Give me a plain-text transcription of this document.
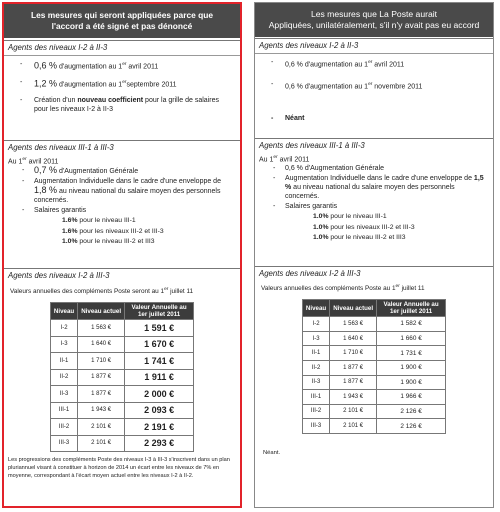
Les mesures qui seront appliquées parce que
l'accord a été signé et pas dénoncé
Agents des niveaux I-2 à II-3
- 0,6 % d'augmentation au 1er avril 2011
- 1,2 % d'augmentation au 1erseptembre 2011
- Création d'un nouveau coefficient pour la grille de salaires pour les niveaux I-2 à II-3
Agents des niveaux III-1 à III-3
Au 1er avril 2011
- 0,7 % d'Augmentation Générale
- Augmentation Individuelle dans le cadre d'une enveloppe de 1,8 % au niveau national du salaire moyen des personnels concernés.
- Salaires garantis
1.6% pour le niveau III-1
1.6% pour les niveaux III-2 et III-3
1.0% pour le niveau III-2 et III3
Agents des niveaux I-2 à III-3
Valeurs annuelles des compléments Poste seront au 1er juillet 11
Niveau	Niveau actuel	Valeur Annuelle au 1er juillet 2011
I-2	1 563 €	1 591 €
I-3	1 640 €	1 670 €
II-1	1 710 €	1 741 €
II-2	1 877 €	1 911 €
II-3	1 877 €	2 000 €
III-1	1 943 €	2 093 €
III-2	2 101 €	2 191 €
III-3	2 101 €	2 293 €
Les progressions des compléments Poste des niveaux I-3 à III-3 s'inscrivent dans un plan pluriannuel visant à constituer à horizon de 2014 un écart entre les niveaux de 7% en moyenne, correspondant à l'écart moyen actuel entre les niveaux I-2 à II-2.
Les mesures que La Poste aurait
Appliquées, unilatéralement, s'il n'y avait pas eu accord
Agents des niveaux I-2 à II-3
- 0,6 % d'augmentation au 1er avril 2011
- 0,6 % d'augmentation au 1er novembre 2011
- Néant
Agents des niveaux III-1 à III-3
Au 1er avril 2011
- 0,6 % d'Augmentation Générale
- Augmentation Individuelle dans le cadre d'une enveloppe de 1,5 % au niveau national du salaire moyen des personnels concernés.
- Salaires garantis
1.0% pour le niveau III-1
1.0% pour les niveaux III-2 et III-3
1.0% pour le niveau III-2 et III3
Agents des niveaux I-2 à III-3
Valeurs annuelles des compléments Poste au 1er juillet 11
Niveau	Niveau actuel	Valeur Annuelle au 1er juillet 2011
I-2	1 563 €	1 582 €
I-3	1 640 €	1 660 €
II-1	1 710 €	1 731 €
II-2	1 877 €	1 900 €
II-3	1 877 €	1 900 €
III-1	1 943 €	1 966 €
III-2	2 101 €	2 126 €
III-3	2 101 €	2 126 €
Néant.
